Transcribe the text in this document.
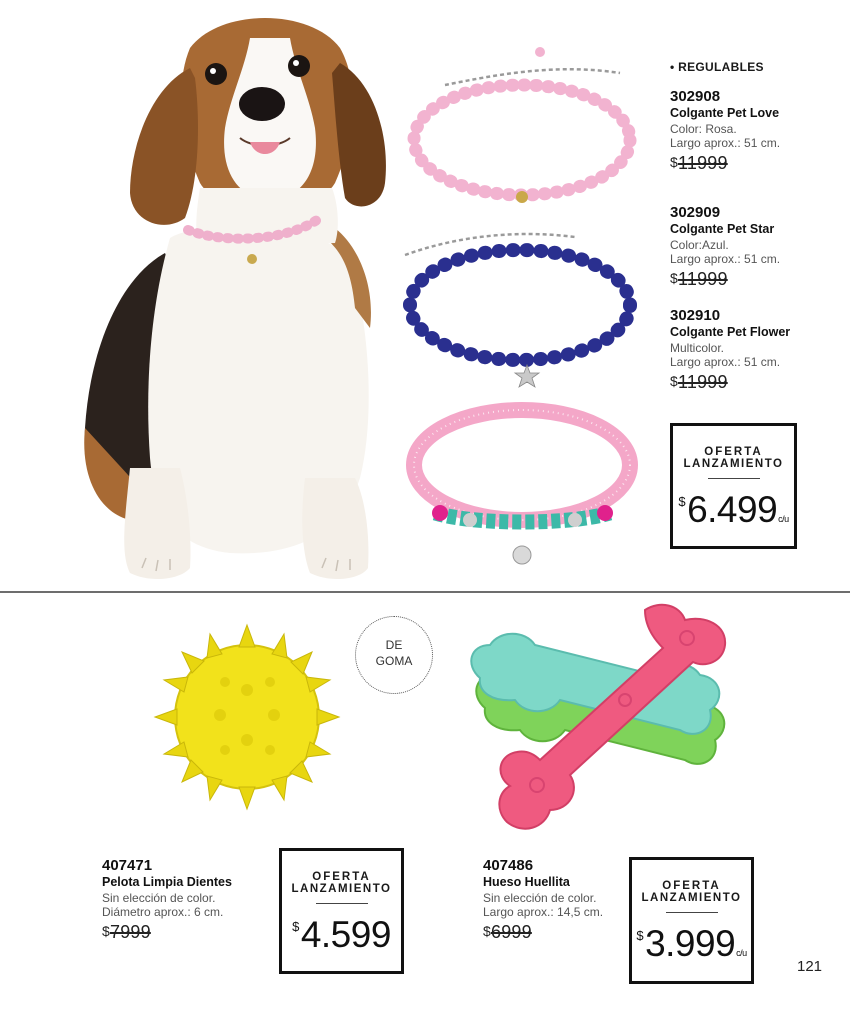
• REGULABLES
302908
Colgante Pet Love
Color: Rosa.
Largo aprox.: 51 cm.
$11999
302909
Colgante Pet Star
Color:Azul.
Largo aprox.: 51 cm.
$11999
302910
Colgante Pet Flower
Multicolor.
Largo aprox.: 51 cm.
$11999
OFERTA
LANZAMIENTO
$6.499c/u
DE
GOMA
407471
Pelota Limpia Dientes
Sin elección de color.
Diámetro aprox.: 6 cm.
$7999
OFERTA
LANZAMIENTO
$4.599
407486
Hueso Huellita
Sin elección de color.
Largo aprox.: 14,5 cm.
$6999
OFERTA
LANZAMIENTO
$3.999c/u
121
